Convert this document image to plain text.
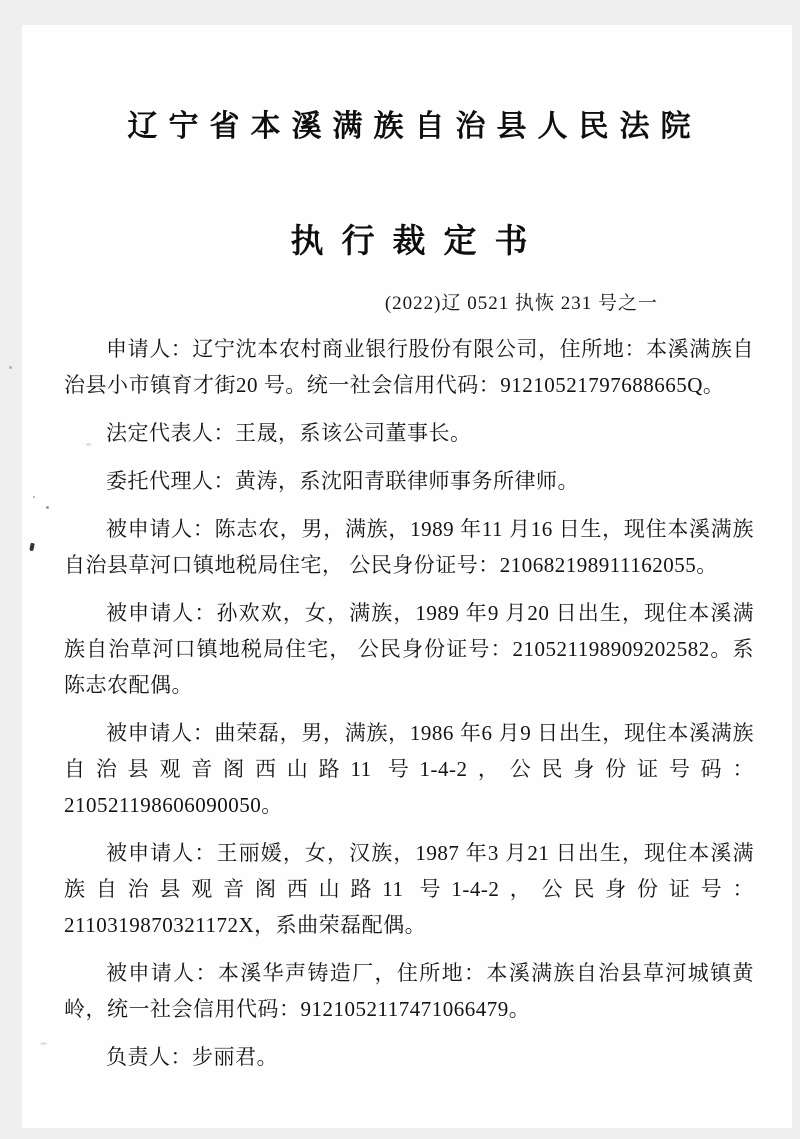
辽宁省本溪满族自治县人民法院
执行裁定书
(2022)辽 0521 执恢 231 号之一

申请人：辽宁沈本农村商业银行股份有限公司，住所地：本溪满族自治县小市镇育才街20 号。统一社会信用代码：91210521797688665Q。

法定代表人：王晟，系该公司董事长。

委托代理人：黄涛，系沈阳青联律师事务所律师。

被申请人：陈志农，男，满族，1989 年11 月16 日生，现住本溪满族自治县草河口镇地税局住宅， 公民身份证号：210682198911162055。

被申请人：孙欢欢，女，满族，1989 年9 月20 日出生，现住本溪满族自治草河口镇地税局住宅， 公民身份证号：210521198909202582。系陈志农配偶。

被申请人：曲荣磊，男，满族，1986 年6 月9 日出生，现住本溪满族自治县观音阁西山路11 号1-4-2，公民身份证号码：210521198606090050。

被申请人：王丽媛，女，汉族，1987 年3 月21 日出生，现住本溪满族自治县观音阁西山路11 号1-4-2，公民身份证号：2110319870321172X，系曲荣磊配偶。

被申请人：本溪华声铸造厂，住所地：本溪满族自治县草河城镇黄岭，统一社会信用代码：9121052117471066479。

负责人：步丽君。
